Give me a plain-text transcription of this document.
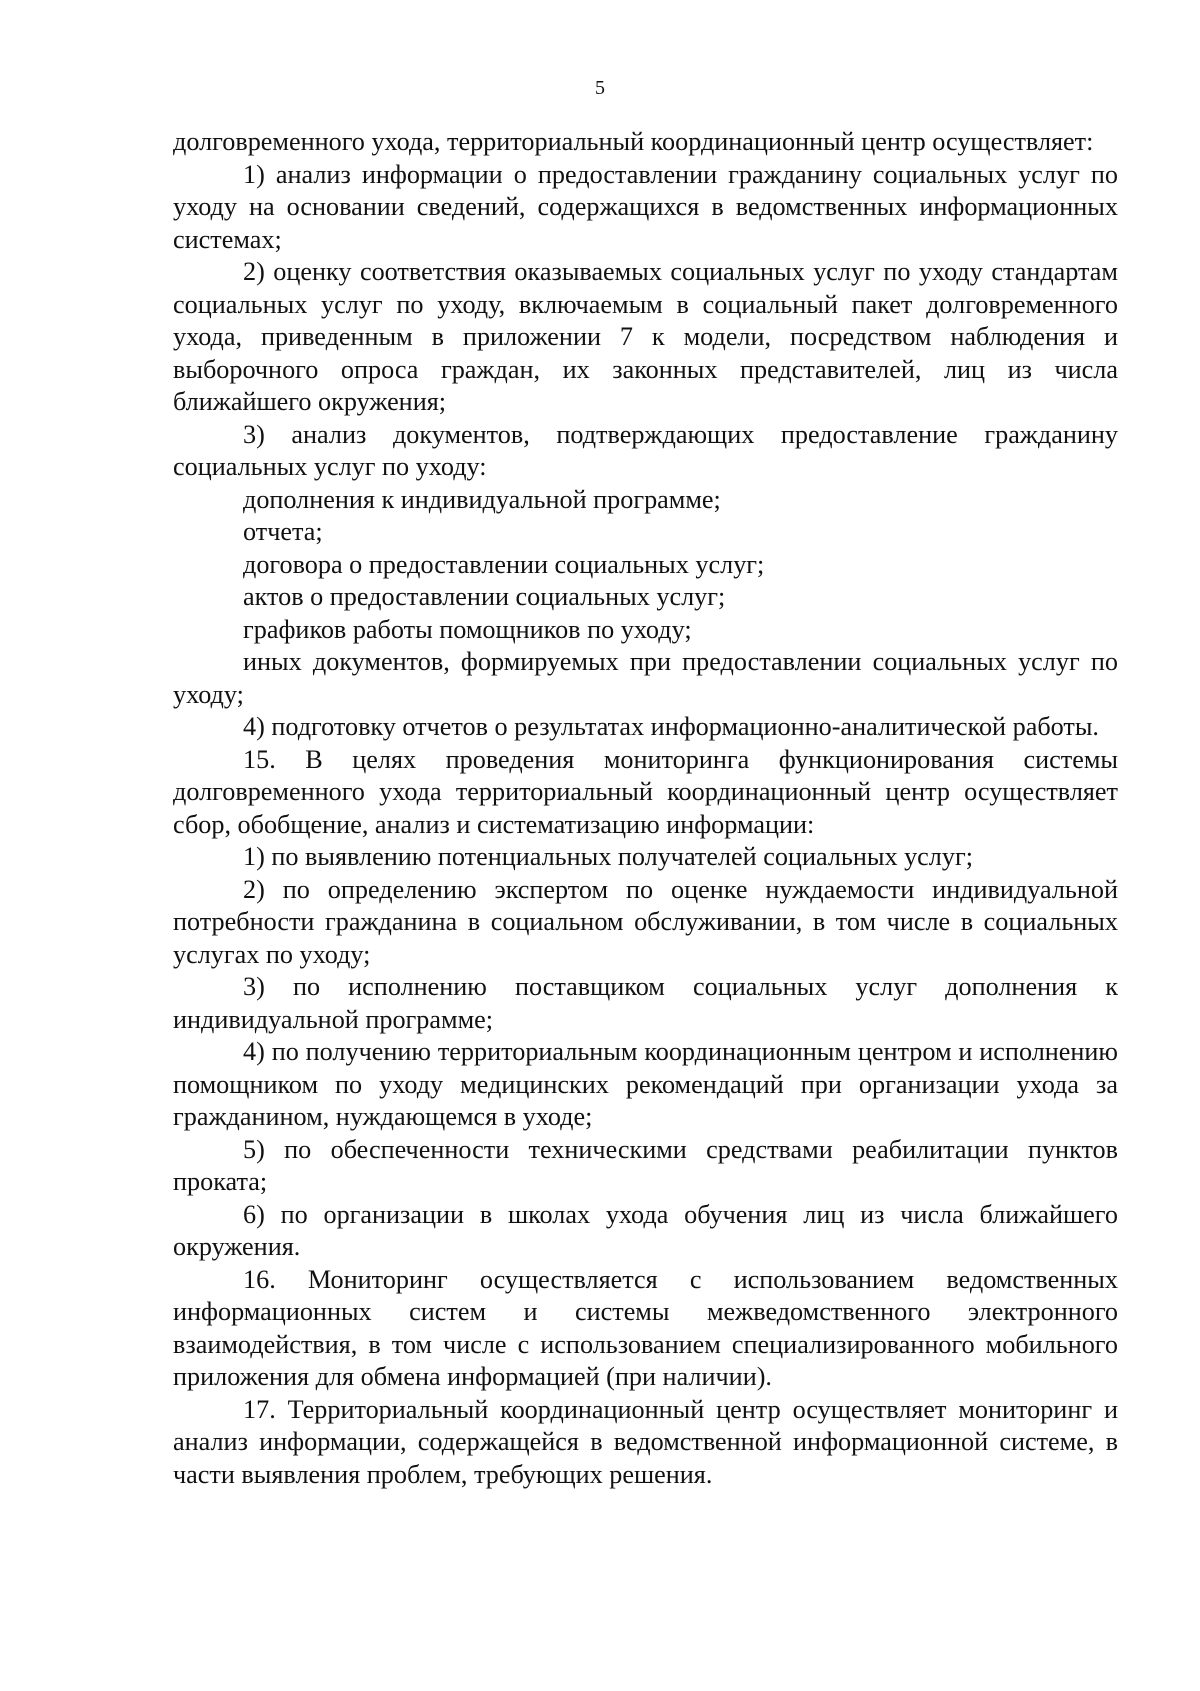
5

долговременного ухода, территориальный координационный центр осуществляет:

1) анализ информации о предоставлении гражданину социальных услуг по уходу на основании сведений, содержащихся в ведомственных информационных системах;

2) оценку соответствия оказываемых социальных услуг по уходу стандартам социальных услуг по уходу, включаемым в социальный пакет долговременного ухода, приведенным в приложении 7 к модели, посредством наблюдения и выборочного опроса граждан, их законных представителей, лиц из числа ближайшего окружения;

3) анализ документов, подтверждающих предоставление гражданину социальных услуг по уходу:

дополнения к индивидуальной программе;

отчета;

договора о предоставлении социальных услуг;

актов о предоставлении социальных услуг;

графиков работы помощников по уходу;

иных документов, формируемых при предоставлении социальных услуг по уходу;

4) подготовку отчетов о результатах информационно-аналитической работы.

15. В целях проведения мониторинга функционирования системы долговременного ухода территориальный координационный центр осуществляет сбор, обобщение, анализ и систематизацию информации:

1) по выявлению потенциальных получателей социальных услуг;

2) по определению экспертом по оценке нуждаемости индивидуальной потребности гражданина в социальном обслуживании, в том числе в социальных услугах по уходу;

3) по исполнению поставщиком социальных услуг дополнения к индивидуальной программе;

4) по получению территориальным координационным центром и исполнению помощником по уходу медицинских рекомендаций при организации ухода за гражданином, нуждающемся в уходе;

5) по обеспеченности техническими средствами реабилитации пунктов проката;

6) по организации в школах ухода обучения лиц из числа ближайшего окружения.

16. Мониторинг осуществляется с использованием ведомственных информационных систем и системы межведомственного электронного взаимодействия, в том числе с использованием специализированного мобильного приложения для обмена информацией (при наличии).

17. Территориальный координационный центр осуществляет мониторинг и анализ информации, содержащейся в ведомственной информационной системе, в части выявления проблем, требующих решения.
